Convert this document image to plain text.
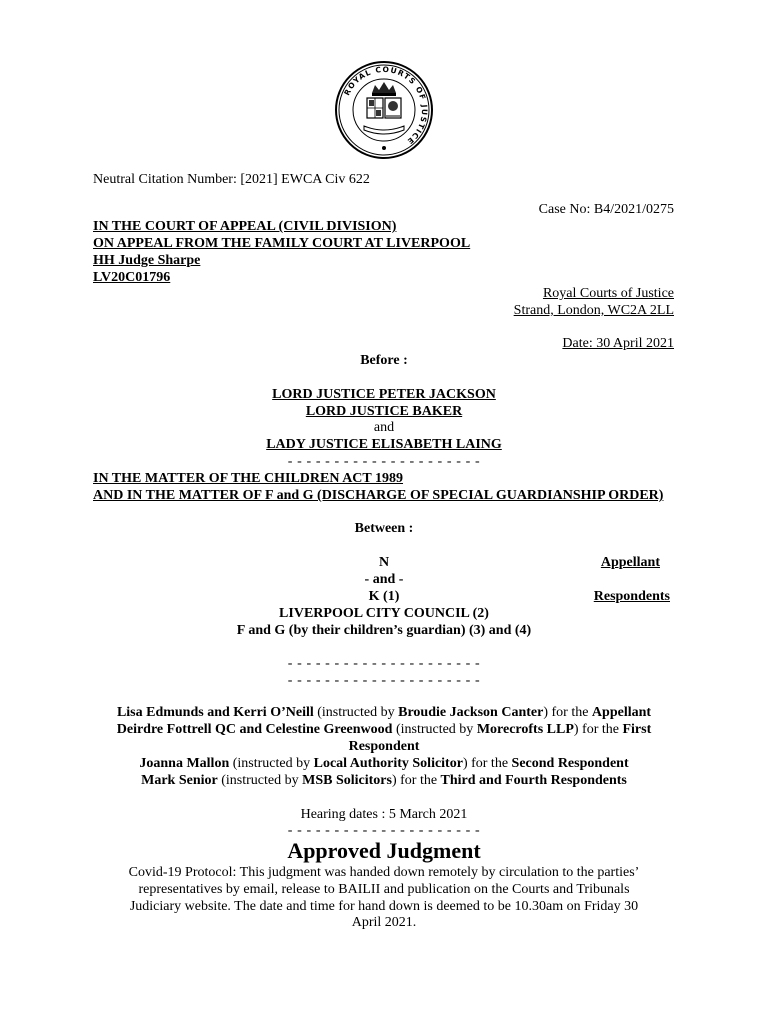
ROYAL COURTS OF JUSTICE
Neutral Citation Number: [2021] EWCA Civ 622
Case No: B4/2021/0275
IN THE COURT OF APPEAL (CIVIL DIVISION)
ON APPEAL FROM THE FAMILY COURT AT LIVERPOOL
HH Judge Sharpe
LV20C01796
Royal Courts of Justice
Strand, London, WC2A 2LL
Date: 30 April 2021
Before :
LORD JUSTICE PETER JACKSON
LORD JUSTICE BAKER
and
LADY JUSTICE ELISABETH LAING
- - - - - - - - - - - - - - - - - - - - -
IN THE MATTER OF THE CHILDREN ACT 1989
AND IN THE MATTER OF F and G (DISCHARGE OF SPECIAL GUARDIANSHIP ORDER)
Between :
N	Appellant
- and -
K (1)	Respondents
LIVERPOOL CITY COUNCIL (2)
F and G (by their children’s guardian) (3) and (4)
- - - - - - - - - - - - - - - - - - - - -
- - - - - - - - - - - - - - - - - - - - -
Lisa Edmunds and Kerri O’Neill (instructed by Broudie Jackson Canter) for the Appellant
Deirdre Fottrell QC and Celestine Greenwood (instructed by Morecrofts LLP) for the First
Respondent
Joanna Mallon (instructed by Local Authority Solicitor) for the Second Respondent
Mark Senior (instructed by MSB Solicitors) for the Third and Fourth Respondents
Hearing dates : 5 March 2021
- - - - - - - - - - - - - - - - - - - - -
Approved Judgment
Covid-19 Protocol: This judgment was handed down remotely by circulation to the parties’
representatives by email, release to BAILII and publication on the Courts and Tribunals
Judiciary website. The date and time for hand down is deemed to be 10.30am on Friday 30
April 2021.
